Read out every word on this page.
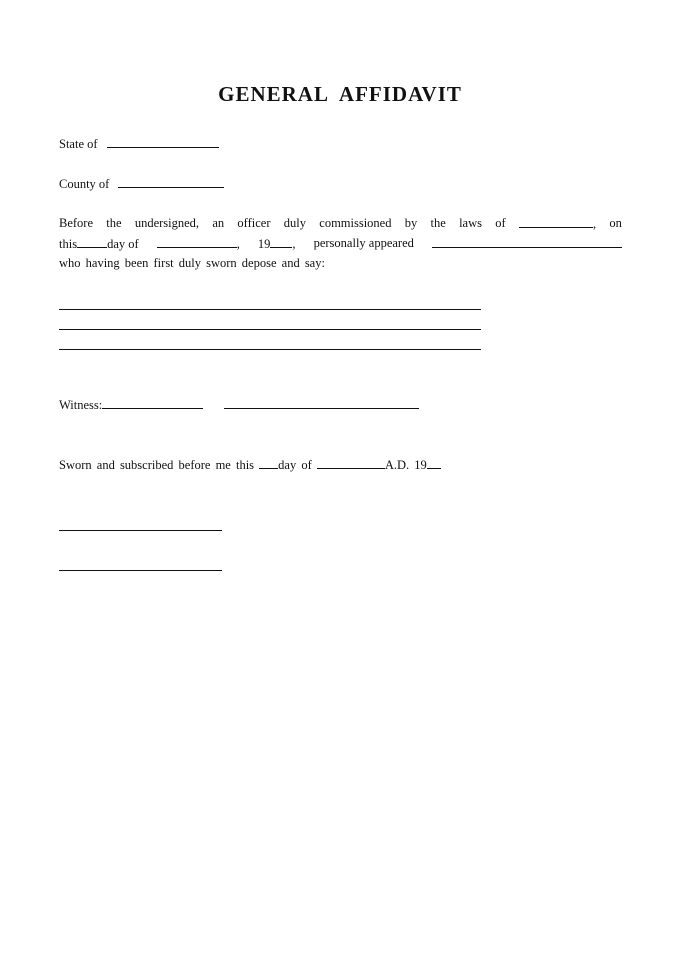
GENERAL AFFIDAVIT
State of
County of
Before the undersigned, an officer duly commissioned by the laws of	, on
this day of	, 19 , personally appeared
who having been first duly sworn depose and say:
Witness:
Sworn and subscribed before me this day of	A.D. 19
